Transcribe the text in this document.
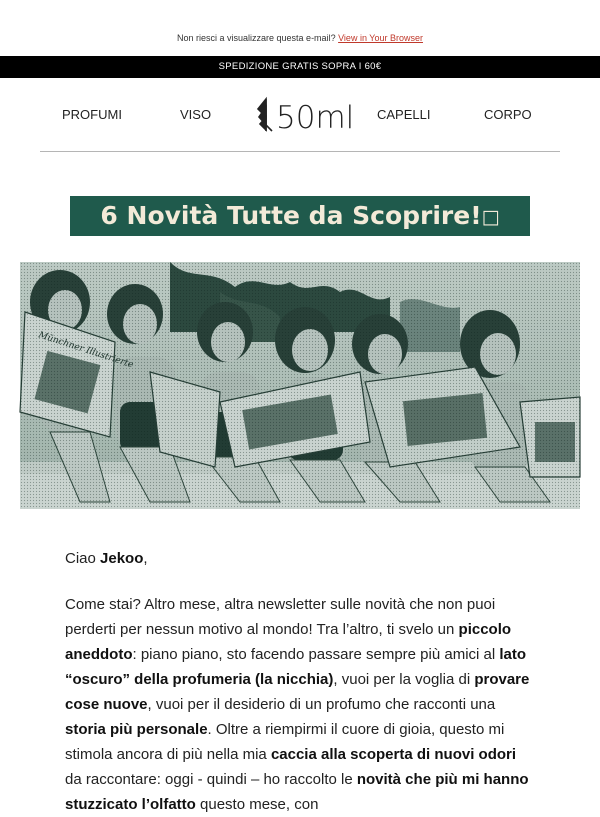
Non riesci a visualizzare questa e-mail? View in Your Browser
SPEDIZIONE GRATIS SOPRA I 60€
PROFUMI	VISO 50ml CAPELLI	CORPO
6 Novità Tutte da Scoprire!□

Ciao Jekoo,

Come stai? Altro mese, altra newsletter sulle novità che non puoi perderti per nessun motivo al mondo! Tra l’altro, ti svelo un piccolo aneddoto: piano piano, sto facendo passare sempre più amici al lato “oscuro” della profumeria (la nicchia), vuoi per la voglia di provare cose nuove, vuoi per il desiderio di un profumo che racconti una storia più personale. Oltre a riempirmi il cuore di gioia, questo mi stimola ancora di più nella mia caccia alla scoperta di nuovi odori da raccontare: oggi - quindi – ho raccolto le novità che più mi hanno stuzzicato l’olfatto questo mese, con
